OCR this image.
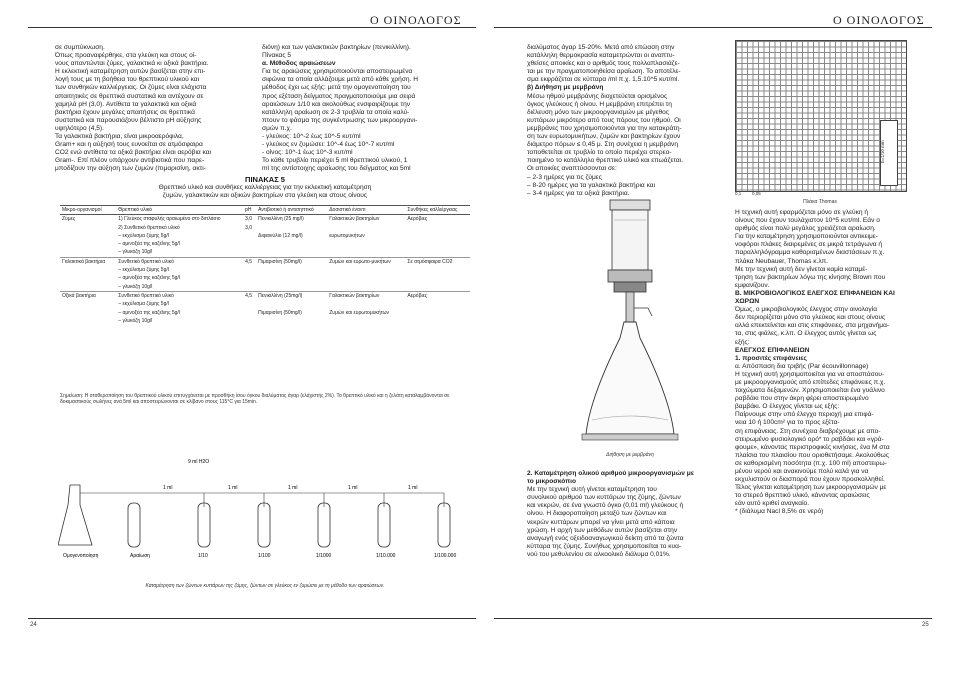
Ο ΟΙΝΟΛΟΓΟΣ

σε συμπύκνωση.

Όπως προαναφέρθηκε, στα γλεύκη και στους οί-

νους απαντώνται ζύμες, γαλακτικά κι οξικά βακτήρια.

Η εκλεκτική καταμέτρηση αυτών βασίζεται στην επι-

λογή τους με τη βοήθεια του θρεπτικού υλικού και

των συνθηκών καλλιέργειας. Οι ζύμες είναι ελάχιστα

απαιτητικές σε θρεπτικά συστατικά και αντέχουν σε

χαμηλά pH (3,0). Αντίθετα τα γαλακτικά και οξικά

βακτήρια έχουν μεγάλες απαιτήσεις σε θρεπτικά

συστατικά και παρουσιάζουν βέλτιστο pH αύξησης

υψηλότερο (4,5).

Τα γαλακτικά βακτήρια, είναι μικροαερόφιλα,

Gram+ και η αύξησή τους ευνοείται σε ατμόσφαιρα

CO2 ενώ αντίθετα τα οξικά βακτήρια είναι αερόβια και

Gram-. Επί πλέον υπάρχουν αντιβιοτικά που παρε-

μποδίζουν την αύξηση των ζυμών (πιμαρισίνη, ακτι-

διόνη) και των γαλακτικών βακτηρίων (πενικιλλίνη).

Πίνακας 5

α. Μέθοδος αραιώσεων

Για τις αραιώσεις χρησιμοποιούνται αποστειρωμένα

σιφώνια τα οποία αλλάζουμε μετά από κάθε χρήση. Η

μέθοδος έχει ως εξής: μετά την ομογενοποίηση του

προς εξέταση δείγματος πραγματοποιούμε μια σειρά

αραιώσεων 1/10 και ακολούθως ενσφαιρίζουμε την

κατάλληλη αραίωση σε 2-3 τρυβλία τα οποία καλύ-

πτουν το φάσμα της συγκέντρωσης των μικροοργανι-

σμών π.χ.

- γλεύκος: 10^-2 έως 10^-5 κυτ/ml

- γλεύκος εν ζυμώσει: 10^-4 έως 10^-7 κυτ/ml

- οίνος: 10^-1 έως 10^-3 κυτ/ml

Το κάθε τρυβλίο περιέχει 5 ml θρεπτικού υλικού, 1

ml της αντίστοιχης αραίωσης του δείγματος και 5ml

ΠΙΝΑΚΑΣ 5
Θρεπτικό υλικό και συνθήκες καλλιέργειας για την εκλεκτική καταμέτρηση
ζυμών, γαλακτικών και οξικών βακτηρίων στα γλεύκη και στους οίνους
Μικρο-οργανισμοί	Θρεπτικό υλικό	pH	Αντιβιοτικό ή αντισηπτικό	Δοσιστικό έναντι	Συνθήκες καλλιέργειας
Ζύμες	1) Γλεύκος σταφυλής αραιωμένο στο διπλάσιο	3,0	Πενικιλλίνη (25 mg/l)	Γαλακτικών βακτηρίων	Αερόβιες
	2) Συνθετικό θρεπτικό υλικό	3,0			
	– εκχύλισμα ζύμης 5g/l		Διφαινύλιο (12 mg/l)	ευρωτομυκήτων	
	– αμινοξέα της καζεΐνης 5g/l				
	– γλυκόζη 10g/l				
Γαλακτικά βακτήρια	Συνθετικό θρεπτικό υλικό	4,5	Πιμαρισίνη (50mg/l)	Ζυμών και ευρωτο-μυκήτων	Σε ατμόσφαιρα CO2
	– εκχύλισμα ζύμης 5g/l				
	– αμινοξέα της καζεΐνης 5g/l				
	– γλυκόζη 10g/l				
Οξικά βακτήρια	Συνθετικό θρεπτικό υλικό	4,5	Πενικιλλίνη (25mg/l)	Γαλακτικών βακτηρίων	Αερόβιες
	– εκχύλισμα ζύμης 5g/l				
	– αμινοξέα της καζεΐνης 5g/l		Πιμαρισίνη (50mg/l)	Ζυμών και ευρωτομυκήτων	
	– γλυκόζη 10g/l				
Σημείωση: Η σταθεροποίηση του θρεπτικού υλικού επιτυγχάνεται με προσθήκη ίσου όγκου διαλύματος άγαρ (ελάχιστης 2%). Το θρεπτικό υλικό και η ζελάτη καταλαμβάνονται σε δοκιμαστικούς σωλήνες ανά 5ml και αποστειρώνονται σε κλίβανο στους 115°C για 15min.
1 ml	1 ml	1 ml	1 ml	1 ml
9 ml H2O
Ομογενοποίηση	Αραίωση	1/10	1/100	1/1000	1/10.000	1/100.000
Καταμέτρηση των ζώντων κυττάρων της ζύμης, ζώντων σε γλεύκος εν ζυμώσει με τη μέθοδο των αραιώσεων.
24
Ο ΟΙΝΟΛΟΓΟΣ

διαλύματος άγαρ 15-20%. Μετά από επώαση στην

κατάλληλη θερμοκρασία καταμετρώνται οι αναπτυ-

χθείσες αποικίες και ο αριθμός τους πολλαπλασιάζε-

ται με την πραγματοποιηθείσα αραίωση. Το αποτέλε-

σμα εκφράζεται σε κύτταρα /ml π.χ. 1,5.10^5 κυτ/ml.

β) Διήθηση με μεμβράνη

Μέσω ηθμού μεμβράνης διοχετεύεται ορισμένος

όγκος γλεύκους ή οίνου. Η μεμβράνη επιτρέπει τη

διέλευση μόνο των μικροοργανισμών με μέγεθος

κυττάρων μικρότερο από τους πόρους του ηθμού. Οι

μεμβράνες που χρησιμοποιούνται για την κατακράτη-

ση των ευρωτομυκήτων, ζυμών και βακτηρίων έχουν

διάμετρο πόρων ≤ 0,45 μ. Στη συνέχεια η μεμβράνη

τοποθετείται σε τρυβλίο το οποίο περιέχει στερεο-

ποιημένο το κατάλληλο θρεπτικό υλικό και επωάζεται.

Οι αποικίες αναπτύσσονται σε:

– 2-3 ημέρες για τις ζύμες

– 8-20 ημέρες για τα γαλακτικά βακτήρια και

– 3-4 ημέρες για τα οξικά βακτήρια.

Διήθηση με μεμβράνη

2. Καταμέτρηση ολικού αριθμού μικροοργανισμών με

το μικροσκόπιο

Με την τεχνική αυτή γίνεται καταμέτρηση του

συνολικού αριθμού των κυττάρων της ζύμης, ζώντων

και νεκρών, σε ένα γνωστό όγκο (0,01 ml) γλεύκους ή

οίνου. Η διαφοροποίηση μεταξύ των ζώντων και

νεκρών κυττάρων μπορεί να γίνει μετά από κάποια

χρώση. Η αρχή των μεθόδων αυτών βασίζεται στην

αναγωγή ενός οξειδοαναγωγικού δείκτη από τα ζώντα

κύτταρα της ζύμης. Συνήθως χρησιμοποιείται το κυα-

νού του μεθυλενίου σε αλκοολικό διάλυμα 0,01%.

h=1/10 mm
0,1 0,05
Πλάκα Thomas

Η τεχνική αυτή εφαρμόζεται μόνο σε γλεύκη ή

οίνους που έχουν τουλάχιστον 10^5 κυτ/ml. Εάν ο

αριθμός είναι πολύ μεγάλος χρειάζεται αραίωση.

Για την καταμέτρηση χρησιμοποιούνται αντικειμε-

νοφόροι πλάκες διαιρεμένες σε μικρά τετράγωνα ή

παραλληλόγραμμα καθορισμένων διαστάσεων π.χ.

πλάκα Neubauer, Thomas κ.λπ.

Με την τεχνική αυτή δεν γίνεται καμία καταμέ-

τρηση των βακτηρίων λόγω της κίνησης Brown που

εμφανίζουν.

B. ΜΙΚΡΟΒΙΟΛΟΓΙΚΟΣ ΕΛΕΓΧΟΣ ΕΠΙΦΑΝΕΙΩΝ ΚΑΙ

ΧΩΡΩΝ

Όμως, ο μικροβιολογικός έλεγχος στην οινολογία

δεν περιορίζεται μόνο στο γλεύκος και στους οίνους

αλλά επεκτείνεται και στις επιφάνειες, στα μηχανήμα-

τα, στις φιάλες, κ.λπ. Ο έλεγχος αυτός γίνεται ως

εξής:

ΕΛΕΓΧΟΣ ΕΠΙΦΑΝΕΙΩΝ

1. προσιτές επιφάνειες

α. Απόσπαση δια τριβής (Par écouvillonnage)

Η τεχνική αυτή χρησιμοποιείται για να αποσπάσου-

με μικροοργανισμούς από επίπεδες επιφάνειες π.χ.

τοιχώματα δεξαμενών. Χρησιμοποιείται ένα γυάλινο

ραβδάκι που στην άκρη φέρει αποστειρωμένο

βαμβάκι. Ο έλεγχος γίνεται ως εξής:

Παίρνουμε στην υπό έλεγχο περιοχή μια επιφά-

νεια 10 ή 100cm² για το προς εξέτα-

ση επιφάνειας. Στη συνέχεια διαβρέχουμε με απο-

στειρωμένο φυσιολογικό ορό* το ραβδάκι και «γρά-

φουμε», κάνοντας περιστροφικές κινήσεις, ένα Μ στα

πλαίσια του πλαισίου που οριοθετήσαμε. Ακολούθως

σε καθορισμένη ποσότητα (π.χ. 100 ml) αποστειρω-

μένου νερού και ανακινούμε πολύ καλά για να

εκχυλιστούν οι διασπορά που έχουν προσκολληθεί.

Τέλος γίνεται καταμέτρηση των μικροοργανισμών με

το στερεό θρεπτικό υλικό, κάνοντας αραιώσεις

εάν αυτό κριθεί αναγκαίο.

* (διάλυμα Nacl 8,5% σε νερό)

25
